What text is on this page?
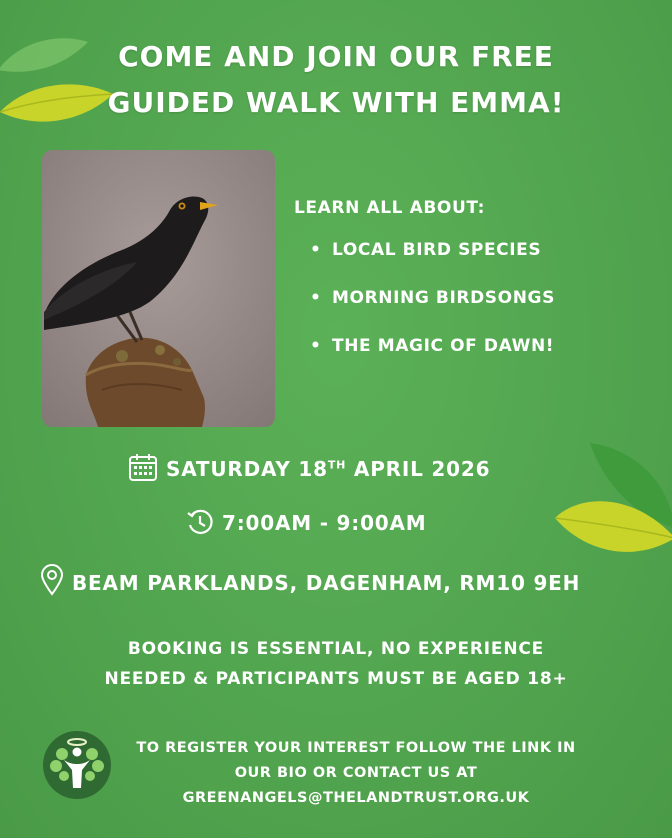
COME AND JOIN OUR FREE
GUIDED WALK WITH EMMA!
LEARN ALL ABOUT:
• LOCAL BIRD SPECIES
• MORNING BIRDSONGS
• THE MAGIC OF DAWN!
SATURDAY 18TH APRIL 2026
7:00AM - 9:00AM
BEAM PARKLANDS, DAGENHAM, RM10 9EH
BOOKING IS ESSENTIAL, NO EXPERIENCE
NEEDED & PARTICIPANTS MUST BE AGED 18+
TO REGISTER YOUR INTEREST FOLLOW THE LINK IN
OUR BIO OR CONTACT US AT
GREENANGELS@THELANDTRUST.ORG.UK
